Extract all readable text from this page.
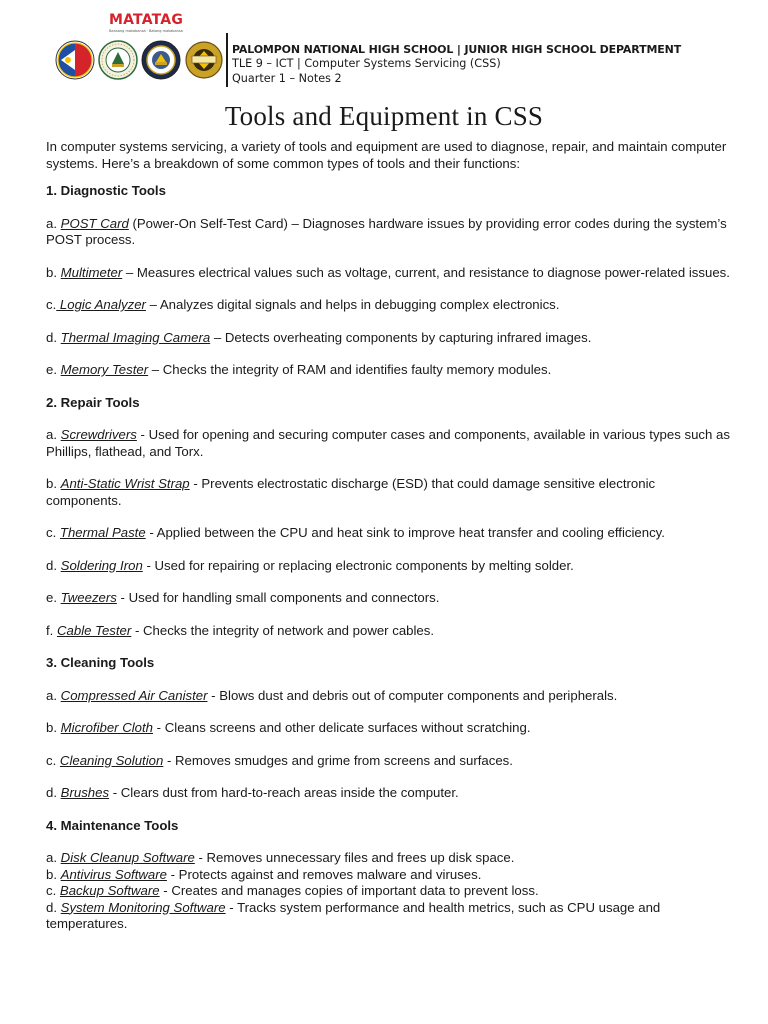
MATATAG
Bansang makabansa · Batang makabansa
PALOMPON NATIONAL HIGH SCHOOL | JUNIOR HIGH SCHOOL DEPARTMENT
TLE 9 – ICT | Computer Systems Servicing (CSS)
Quarter 1 – Notes 2
Tools and Equipment in CSS

In computer systems servicing, a variety of tools and equipment are used to diagnose, repair, and maintain computer systems. Here’s a breakdown of some common types of tools and their functions:

1. Diagnostic Tools

a. POST Card (Power-On Self-Test Card) – Diagnoses hardware issues by providing error codes during the system’s POST process.

b. Multimeter – Measures electrical values such as voltage, current, and resistance to diagnose power-related issues.

c. Logic Analyzer – Analyzes digital signals and helps in debugging complex electronics.

d. Thermal Imaging Camera – Detects overheating components by capturing infrared images.

e. Memory Tester – Checks the integrity of RAM and identifies faulty memory modules.

2. Repair Tools

a. Screwdrivers - Used for opening and securing computer cases and components, available in various types such as Phillips, flathead, and Torx.

b. Anti-Static Wrist Strap - Prevents electrostatic discharge (ESD) that could damage sensitive electronic components.

c. Thermal Paste - Applied between the CPU and heat sink to improve heat transfer and cooling efficiency.

d. Soldering Iron - Used for repairing or replacing electronic components by melting solder.

e. Tweezers - Used for handling small components and connectors.

f. Cable Tester - Checks the integrity of network and power cables.

3. Cleaning Tools

a. Compressed Air Canister - Blows dust and debris out of computer components and peripherals.

b. Microfiber Cloth - Cleans screens and other delicate surfaces without scratching.

c. Cleaning Solution - Removes smudges and grime from screens and surfaces.

d. Brushes - Clears dust from hard-to-reach areas inside the computer.

4. Maintenance Tools

a. Disk Cleanup Software - Removes unnecessary files and frees up disk space.

b. Antivirus Software - Protects against and removes malware and viruses.

c. Backup Software - Creates and manages copies of important data to prevent loss.

d. System Monitoring Software - Tracks system performance and health metrics, such as CPU usage and temperatures.
